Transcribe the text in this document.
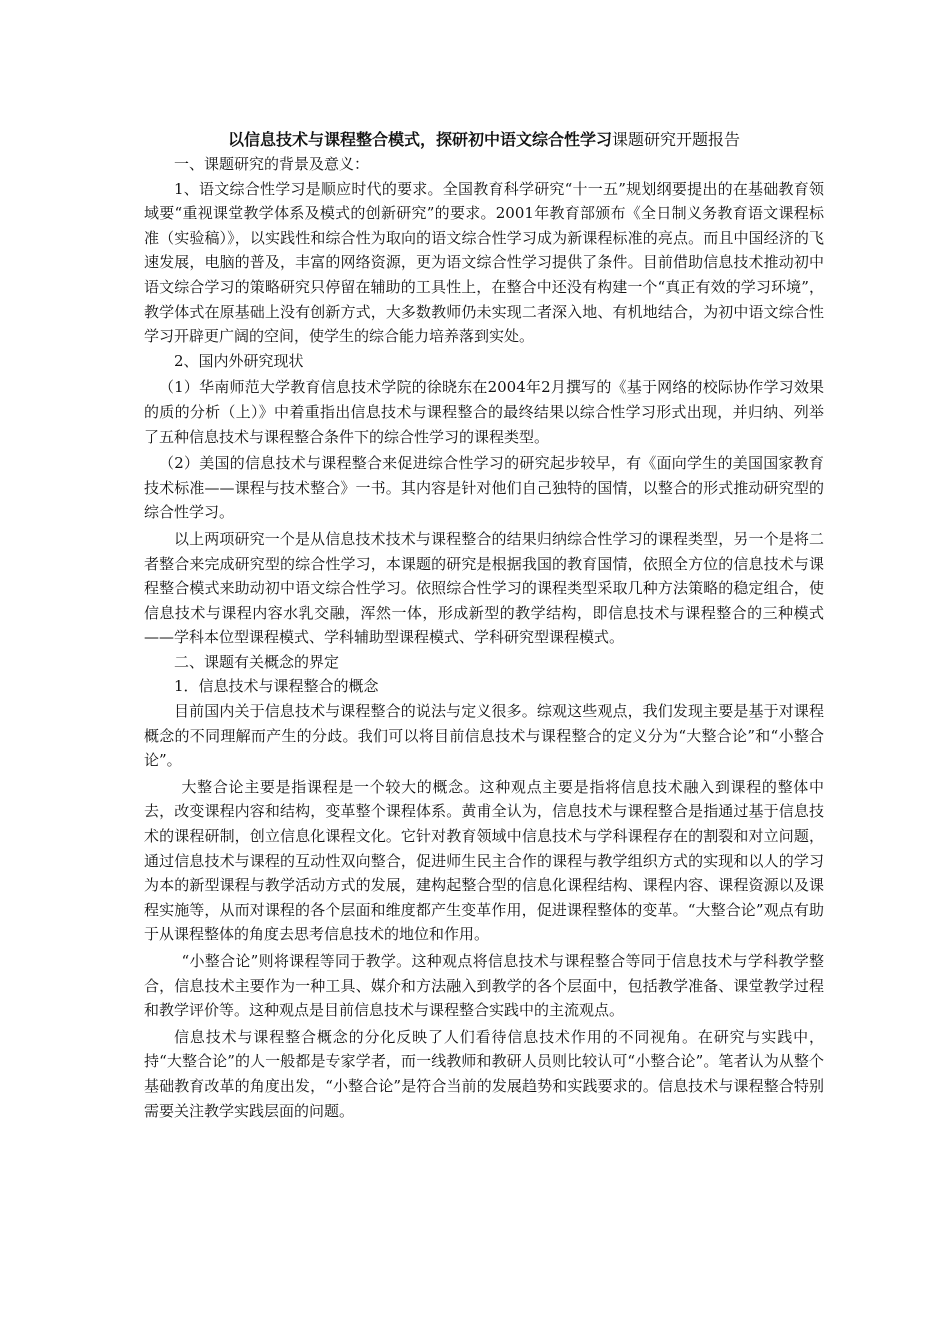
以信息技术与课程整合模式，探研初中语文综合性学习课题研究开题报告

一、课题研究的背景及意义：

1、语文综合性学习是顺应时代的要求。全国教育科学研究“十一五”规划纲要提出的在基础教育领域要“重视课堂教学体系及模式的创新研究”的要求。2001年教育部颁布《全日制义务教育语文课程标准（实验稿）》，以实践性和综合性为取向的语文综合性学习成为新课程标准的亮点。而且中国经济的飞速发展，电脑的普及，丰富的网络资源，更为语文综合性学习提供了条件。目前借助信息技术推动初中语文综合学习的策略研究只停留在辅助的工具性上，在整合中还没有构建一个“真正有效的学习环境”，教学体式在原基础上没有创新方式，大多数教师仍未实现二者深入地、有机地结合，为初中语文综合性学习开辟更广阔的空间，使学生的综合能力培养落到实处。

2、国内外研究现状

（1）华南师范大学教育信息技术学院的徐晓东在2004年2月撰写的《基于网络的校际协作学习效果的质的分析（上）》中着重指出信息技术与课程整合的最终结果以综合性学习形式出现，并归纳、列举了五种信息技术与课程整合条件下的综合性学习的课程类型。

（2）美国的信息技术与课程整合来促进综合性学习的研究起步较早，有《面向学生的美国国家教育技术标准——课程与技术整合》一书。其内容是针对他们自己独特的国情，以整合的形式推动研究型的综合性学习。

以上两项研究一个是从信息技术技术与课程整合的结果归纳综合性学习的课程类型，另一个是将二者整合来完成研究型的综合性学习，本课题的研究是根据我国的教育国情，依照全方位的信息技术与课程整合模式来助动初中语文综合性学习。依照综合性学习的课程类型采取几种方法策略的稳定组合，使信息技术与课程内容水乳交融，浑然一体，形成新型的教学结构，即信息技术与课程整合的三种模式——学科本位型课程模式、学科辅助型课程模式、学科研究型课程模式。

二、课题有关概念的界定

1．信息技术与课程整合的概念

目前国内关于信息技术与课程整合的说法与定义很多。综观这些观点，我们发现主要是基于对课程概念的不同理解而产生的分歧。我们可以将目前信息技术与课程整合的定义分为“大整合论”和“小整合论”。

大整合论主要是指课程是一个较大的概念。这种观点主要是指将信息技术融入到课程的整体中去，改变课程内容和结构，变革整个课程体系。黄甫全认为，信息技术与课程整合是指通过基于信息技术的课程研制，创立信息化课程文化。它针对教育领域中信息技术与学科课程存在的割裂和对立问题，通过信息技术与课程的互动性双向整合，促进师生民主合作的课程与教学组织方式的实现和以人的学习为本的新型课程与教学活动方式的发展，建构起整合型的信息化课程结构、课程内容、课程资源以及课程实施等，从而对课程的各个层面和维度都产生变革作用，促进课程整体的变革。“大整合论”观点有助于从课程整体的角度去思考信息技术的地位和作用。

“小整合论”则将课程等同于教学。这种观点将信息技术与课程整合等同于信息技术与学科教学整合，信息技术主要作为一种工具、媒介和方法融入到教学的各个层面中，包括教学准备、课堂教学过程和教学评价等。这种观点是目前信息技术与课程整合实践中的主流观点。

信息技术与课程整合概念的分化反映了人们看待信息技术作用的不同视角。在研究与实践中，持“大整合论”的人一般都是专家学者，而一线教师和教研人员则比较认可“小整合论”。笔者认为从整个基础教育改革的角度出发，“小整合论”是符合当前的发展趋势和实践要求的。信息技术与课程整合特别需要关注教学实践层面的问题。
